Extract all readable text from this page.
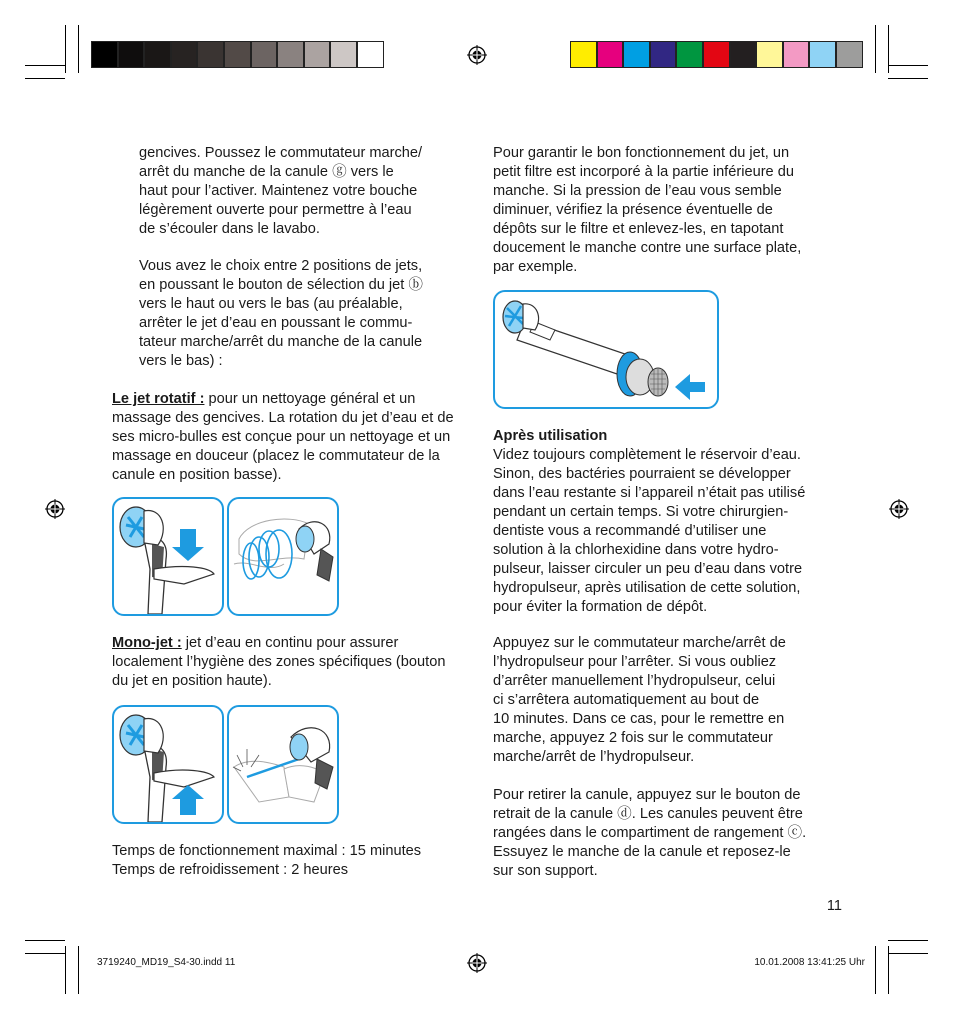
gencives. Poussez le commutateur marche/
arrêt du manche de la canule ⓖ vers le
haut pour l’activer. Maintenez votre bouche
légèrement ouverte pour permettre à l’eau
de s’écouler dans le lavabo.
Vous avez le choix entre 2 positions de jets,
en poussant le bouton de sélection du jet ⓑ
vers le haut ou vers le bas (au préalable,
arrêter le jet d’eau en poussant le commu-
tateur marche/arrêt du manche de la canule
vers le bas) :
Le jet rotatif : pour un nettoyage général et un massage des gencives. La rotation du jet d’eau et de ses micro-bulles est conçue pour un nettoyage et un massage en douceur (placez le commutateur de la canule en position basse).
Mono-jet : jet d’eau en continu pour assurer localement l’hygiène des zones spécifiques (bouton du jet en position haute).
Temps de fonctionnement maximal : 15 minutes
Temps de refroidissement : 2 heures
Pour garantir le bon fonctionnement du jet, un
petit filtre est incorporé à la partie inférieure du
manche. Si la pression de l’eau vous semble
diminuer, vérifiez la présence éventuelle de
dépôts sur le filtre et enlevez-les, en tapotant
doucement le manche contre une surface plate,
par exemple.
Après utilisation
Videz toujours complètement le réservoir d’eau.
Sinon, des bactéries pourraient se développer
dans l’eau restante si l’appareil n’était pas utilisé
pendant un certain temps. Si votre chirurgien-
dentiste vous a recommandé d’utiliser une
solution à la chlorhexidine dans votre hydro-
pulseur, laisser circuler un peu d’eau dans votre
hydropulseur, après utilisation de cette solution,
pour éviter la formation de dépôt.
Appuyez sur le commutateur marche/arrêt de
l’hydropulseur pour l’arrêter. Si vous oubliez
d’arrêter manuellement l’hydropulseur, celui
ci s’arrêtera automatiquement au bout de
10 minutes. Dans ce cas, pour le remettre en
marche, appuyez 2 fois sur le commutateur
marche/arrêt de l’hydropulseur.
Pour retirer la canule, appuyez sur le bouton de
retrait de la canule ⓓ. Les canules peuvent être
rangées dans le compartiment de rangement ⓒ.
Essuyez le manche de la canule et reposez-le
sur son support.
11
3719240_MD19_S4-30.indd 11	10.01.2008 13:41:25 Uhr
